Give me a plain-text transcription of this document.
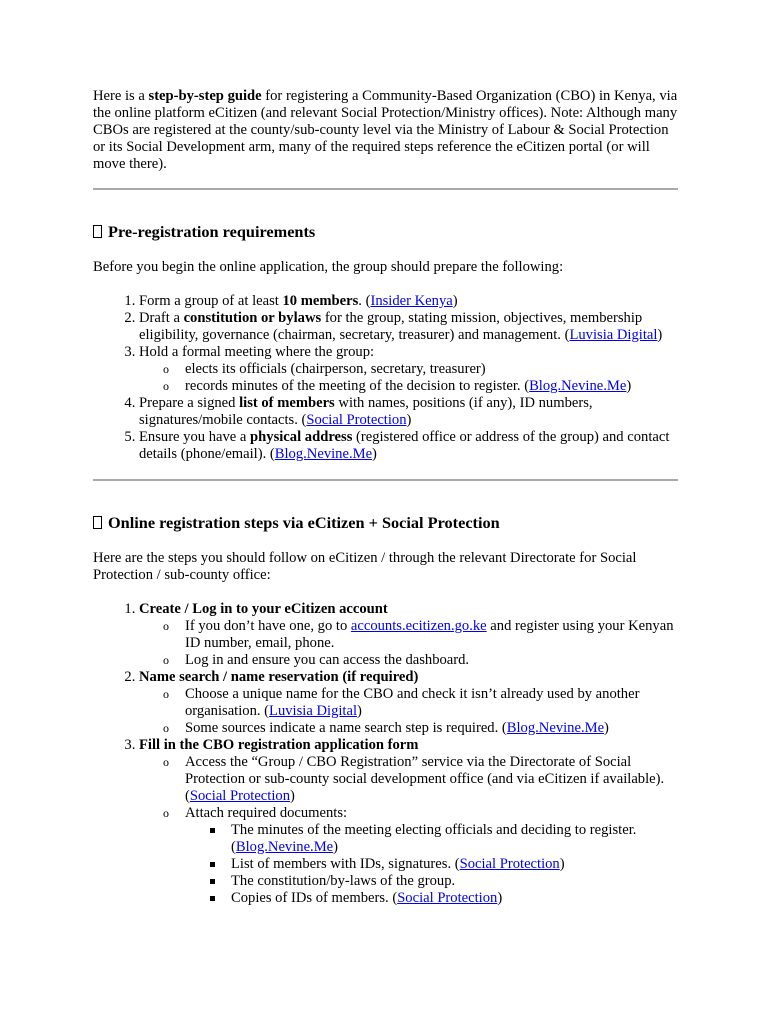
Here is a step-by-step guide for registering a Community-Based Organization (CBO) in Kenya, via the online platform eCitizen (and relevant Social Protection/Ministry offices). Note: Although many CBOs are registered at the county/sub-county level via the Ministry of Labour & Social Protection or its Social Development arm, many of the required steps reference the eCitizen portal (or will move there).

Pre-registration requirements

Before you begin the online application, the group should prepare the following:

1. Form a group of at least 10 members. (Insider Kenya)
2. Draft a constitution or bylaws for the group, stating mission, objectives, membership eligibility, governance (chairman, secretary, treasurer) and management. (Luvisia Digital)
3. Hold a formal meeting where the group:
o elects its officials (chairperson, secretary, treasurer)
o records minutes of the meeting of the decision to register. (Blog.Nevine.Me)
4. Prepare a signed list of members with names, positions (if any), ID numbers, signatures/mobile contacts. (Social Protection)
5. Ensure you have a physical address (registered office or address of the group) and contact details (phone/email). (Blog.Nevine.Me)
Online registration steps via eCitizen + Social Protection

Here are the steps you should follow on eCitizen / through the relevant Directorate for Social Protection / sub-county office:

1. Create / Log in to your eCitizen account
o If you don’t have one, go to accounts.ecitizen.go.ke and register using your Kenyan ID number, email, phone.
o Log in and ensure you can access the dashboard.
2. Name search / name reservation (if required)
o Choose a unique name for the CBO and check it isn’t already used by another organisation. (Luvisia Digital)
o Some sources indicate a name search step is required. (Blog.Nevine.Me)
3. Fill in the CBO registration application form
o Access the “Group / CBO Registration” service via the Directorate of Social Protection or sub-county social development office (and via eCitizen if available). (Social Protection)
o Attach required documents:
The minutes of the meeting electing officials and deciding to register. (Blog.Nevine.Me)
List of members with IDs, signatures. (Social Protection)
The constitution/by-laws of the group.
Copies of IDs of members. (Social Protection)
